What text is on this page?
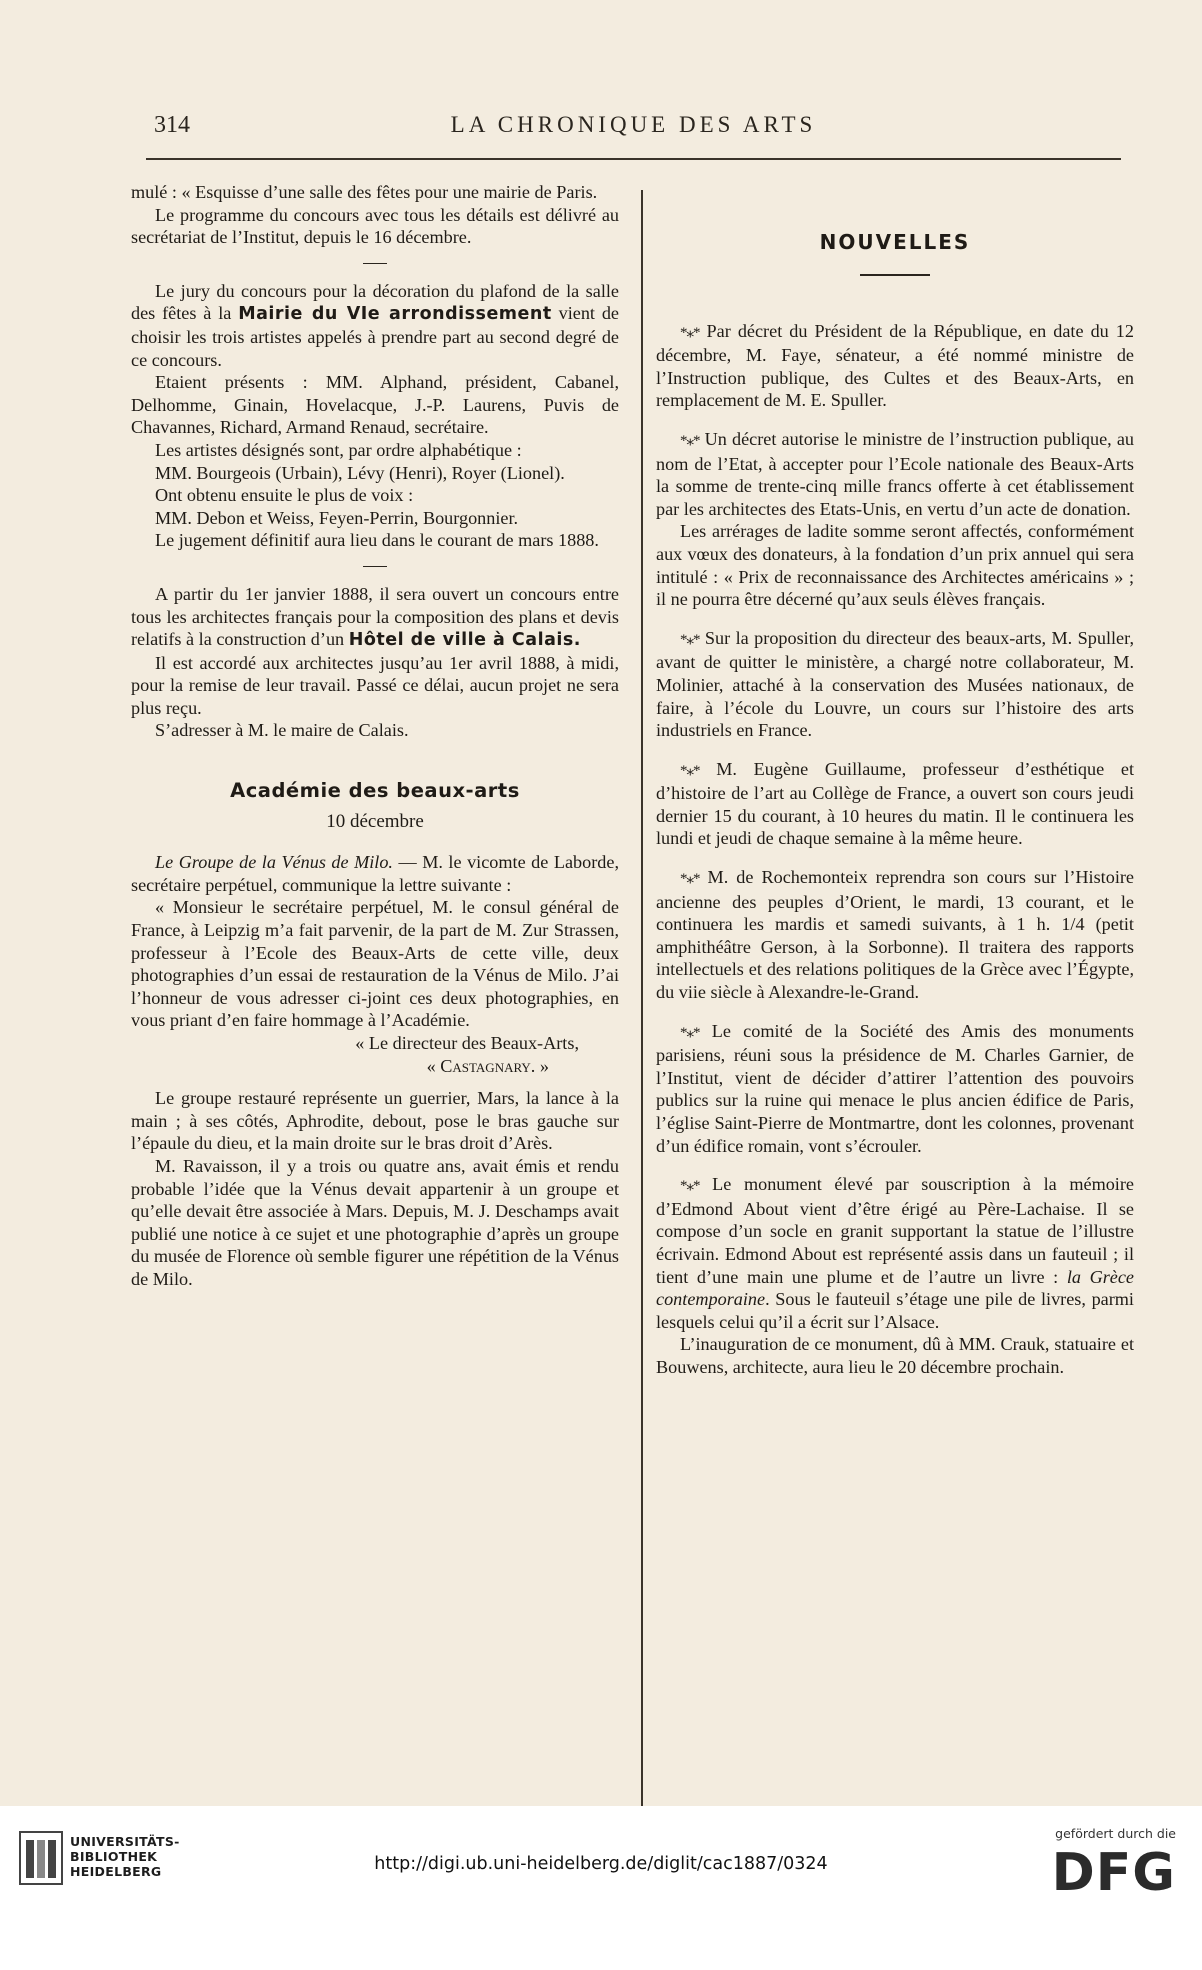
314	LA CHRONIQUE DES ARTS

mulé : « Esquisse d’une salle des fêtes pour une mairie de Paris.

Le programme du concours avec tous les détails est délivré au secrétariat de l’Institut, depuis le 16 décembre.

Le jury du concours pour la décoration du plafond de la salle des fêtes à la Mairie du VIe arrondissement vient de choisir les trois artistes appelés à prendre part au second degré de ce concours.

Etaient présents : MM. Alphand, président, Cabanel, Delhomme, Ginain, Hovelacque, J.-P. Laurens, Puvis de Chavannes, Richard, Armand Renaud, secrétaire.

Les artistes désignés sont, par ordre alphabétique :

MM. Bourgeois (Urbain), Lévy (Henri), Royer (Lionel).

Ont obtenu ensuite le plus de voix :

MM. Debon et Weiss, Feyen-Perrin, Bourgonnier.

Le jugement définitif aura lieu dans le courant de mars 1888.

A partir du 1er janvier 1888, il sera ouvert un concours entre tous les architectes français pour la composition des plans et devis relatifs à la construction d’un Hôtel de ville à Calais.

Il est accordé aux architectes jusqu’au 1er avril 1888, à midi, pour la remise de leur travail. Passé ce délai, aucun projet ne sera plus reçu.

S’adresser à M. le maire de Calais.

Académie des beaux-arts
10 décembre

Le Groupe de la Vénus de Milo. — M. le vicomte de Laborde, secrétaire perpétuel, communique la lettre suivante :

« Monsieur le secrétaire perpétuel, M. le consul général de France, à Leipzig m’a fait parvenir, de la part de M. Zur Strassen, professeur à l’Ecole des Beaux-Arts de cette ville, deux photographies d’un essai de restauration de la Vénus de Milo. J’ai l’honneur de vous adresser ci-joint ces deux photographies, en vous priant d’en faire hommage à l’Académie.

« Le directeur des Beaux-Arts,

« Castagnary. »

Le groupe restauré représente un guerrier, Mars, la lance à la main ; à ses côtés, Aphrodite, debout, pose le bras gauche sur l’épaule du dieu, et la main droite sur le bras droit d’Arès.

M. Ravaisson, il y a trois ou quatre ans, avait émis et rendu probable l’idée que la Vénus devait appartenir à un groupe et qu’elle devait être associée à Mars. Depuis, M. J. Deschamps avait publié une notice à ce sujet et une photographie d’après un groupe du musée de Florence où semble figurer une répétition de la Vénus de Milo.

NOUVELLES

*⁎* Par décret du Président de la République, en date du 12 décembre, M. Faye, sénateur, a été nommé ministre de l’Instruction publique, des Cultes et des Beaux-Arts, en remplacement de M. E. Spuller.

*⁎* Un décret autorise le ministre de l’instruction publique, au nom de l’Etat, à accepter pour l’Ecole nationale des Beaux-Arts la somme de trente-cinq mille francs offerte à cet établissement par les architectes des Etats-Unis, en vertu d’un acte de donation.

Les arrérages de ladite somme seront affectés, conformément aux vœux des donateurs, à la fondation d’un prix annuel qui sera intitulé : « Prix de reconnaissance des Architectes américains » ; il ne pourra être décerné qu’aux seuls élèves français.

*⁎* Sur la proposition du directeur des beaux-arts, M. Spuller, avant de quitter le ministère, a chargé notre collaborateur, M. Molinier, attaché à la conservation des Musées nationaux, de faire, à l’école du Louvre, un cours sur l’histoire des arts industriels en France.

*⁎* M. Eugène Guillaume, professeur d’esthétique et d’histoire de l’art au Collège de France, a ouvert son cours jeudi dernier 15 du courant, à 10 heures du matin. Il le continuera les lundi et jeudi de chaque semaine à la même heure.

*⁎* M. de Rochemonteix reprendra son cours sur l’Histoire ancienne des peuples d’Orient, le mardi, 13 courant, et le continuera les mardis et samedi suivants, à 1 h. 1/4 (petit amphithéâtre Gerson, à la Sorbonne). Il traitera des rapports intellectuels et des relations politiques de la Grèce avec l’Égypte, du viie siècle à Alexandre-le-Grand.

*⁎* Le comité de la Société des Amis des monuments parisiens, réuni sous la présidence de M. Charles Garnier, de l’Institut, vient de décider d’attirer l’attention des pouvoirs publics sur la ruine qui menace le plus ancien édifice de Paris, l’église Saint-Pierre de Montmartre, dont les colonnes, provenant d’un édifice romain, vont s’écrouler.

*⁎* Le monument élevé par souscription à la mémoire d’Edmond About vient d’être érigé au Père-Lachaise. Il se compose d’un socle en granit supportant la statue de l’illustre écrivain. Edmond About est représenté assis dans un fauteuil ; il tient d’une main une plume et de l’autre un livre : la Grèce contemporaine. Sous le fauteuil s’étage une pile de livres, parmi lesquels celui qu’il a écrit sur l’Alsace.

L’inauguration de ce monument, dû à MM. Crauk, statuaire et Bouwens, architecte, aura lieu le 20 décembre prochain.

UNIVERSITÄTS-
BIBLIOTHEK
HEIDELBERG	http://digi.ub.uni-heidelberg.de/diglit/cac1887/0324
gefördert durch die
DFG
